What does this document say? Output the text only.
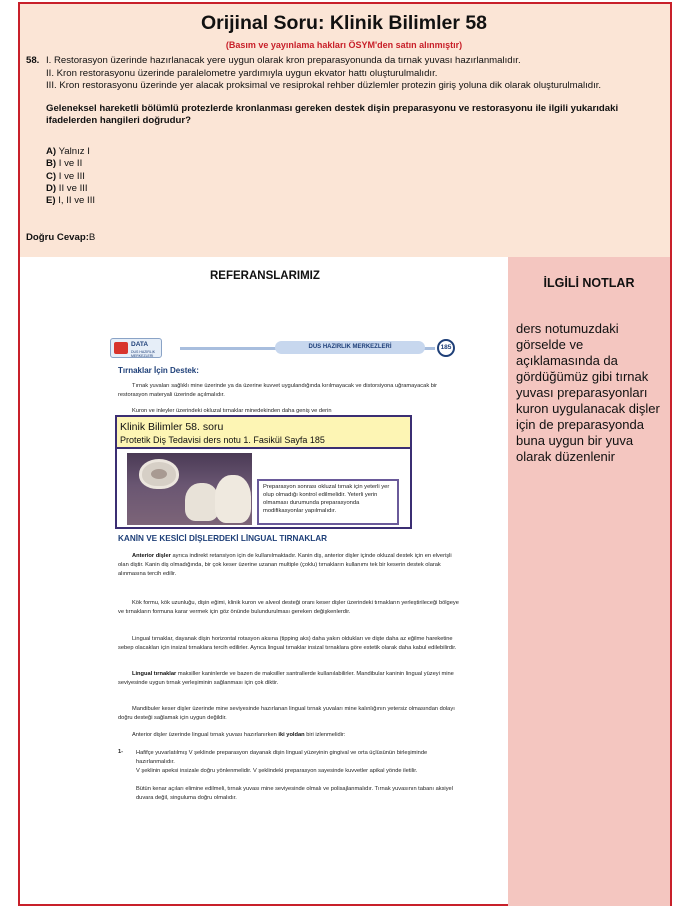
Orijinal Soru: Klinik Bilimler 58
(Basım ve yayınlama hakları ÖSYM'den satın alınmıştır)
58. I. Restorasyon üzerinde hazırlanacak yere uygun olarak kron preparasyonunda da tırnak yuvası hazırlanmalıdır.
II. Kron restorasyonu üzerinde paralelometre yardımıyla uygun ekvator hattı oluşturulmalıdır.
III. Kron restorasyonu üzerinde yer alacak proksimal ve resiprokal rehber düzlemler protezin giriş yoluna dik olarak oluşturulmalıdır.
Geleneksel hareketli bölümlü protezlerde kronlanması gereken destek dişin preparasyonu ve restorasyonu ile ilgili yukarıdaki ifadelerden hangileri doğrudur?
A) Yalnız I
B) I ve II
C) I ve III
D) II ve III
E) I, II ve III
Doğru Cevap:B
REFERANSLARIMIZ
DATA
DUS HAZIRLIK MERKEZLERİ
DUS HAZIRLIK MERKEZLERİ	185
Tırnaklar İçin Destek:
Tırnak yuvaları sağlıklı mine üzerinde ya da üzerine kuvvet uygulandığında kırılmayacak ve distorsiyona uğramayacak bir restorasyon materyali üzerinde açılmalıdır.
Kuron ve inleyler üzerindeki okluzal tırnaklar minedekinden daha geniş ve derin
KANİN VE KESİCİ DİŞLERDEKİ LİNGUAL TIRNAKLAR
Anterior dişler ayrıca indirekt retansiyon için de kullanılmaktadır. Kanin diş, anterior dişler içinde okluzal destek için en elverişli olan diştir. Kanin diş olmadığında, bir çok keser üzerine uzanan multiple (çoklu) tırnakların kullanımı tek bir keserin destek olarak alınmasına tercih edilir.
Kök formu, kök uzunluğu, dişin eğimi, klinik kuron ve alveol desteği oranı keser dişler üzerindeki tırnakların yerleştirileceği bölgeye ve tırnakların formuna karar vermek için göz önünde bulundurulması gereken değişkenlerdir.
Lingual tırnaklar, dayanak dişin horizontal rotasyon aksına (tipping aks) daha yakın oldukları ve dişte daha az eğilme hareketine sebep olacakları için insizal tırnaklara tercih edilirler. Ayrıca lingual tırnaklar insizal tırnaklara göre estetik olarak daha kabul edilebilirdir.
Lingual tırnaklar maksiller kaninlerde ve bazen de maksiller santrallerde kullanılabilirler. Mandibular kaninin lingual yüzeyi mine seviyesinde uygun tırnak yerleşiminin sağlanması için çok diktir.
Mandibuler keser dişler üzerinde mine seviyesinde hazırlanan lingual tırnak yuvaları mine kalınlığının yetersiz olmasından dolayı doğru desteği sağlamak için uygun değildir.
Anterior dişler üzerinde lingual tırnak yuvası hazırlanırken iki yoldan biri izlenmelidir:
1- Hafifçe yuvarlatılmış V şeklinde preparasyon dayanak dişin lingual yüzeyinin gingival ve orta üçlüsünün birleşiminde hazırlanmalıdır.
V şeklinin apeksi insizale doğru yönlenmelidir. V şeklindeki preparasyon sayesinde kuvvetler apikal yönde iletilir.
Bütün kenar açıları elimine edilmeli, tırnak yuvası mine seviyesinde olmalı ve polisajlanmalıdır. Tırnak yuvasının tabanı aksiyel duvara değil, singuluma doğru olmalıdır.
Klinik Bilimler 58. soru
Protetik Diş Tedavisi ders notu 1. Fasikül Sayfa 185
Preparasyon sonrası okluzal tırnak için yeterli yer olup olmadığı kontrol edilmelidir. Yeterli yerin olmaması durumunda preparasyonda modifikasyonlar yapılmalıdır.
İLGİLİ NOTLAR
ders notumuzdaki görselde ve açıklamasında da gördüğümüz gibi tırnak yuvası preparasyonları kuron uygulanacak dişler için de preparasyonda buna uygun bir yuva olarak düzenlenir
